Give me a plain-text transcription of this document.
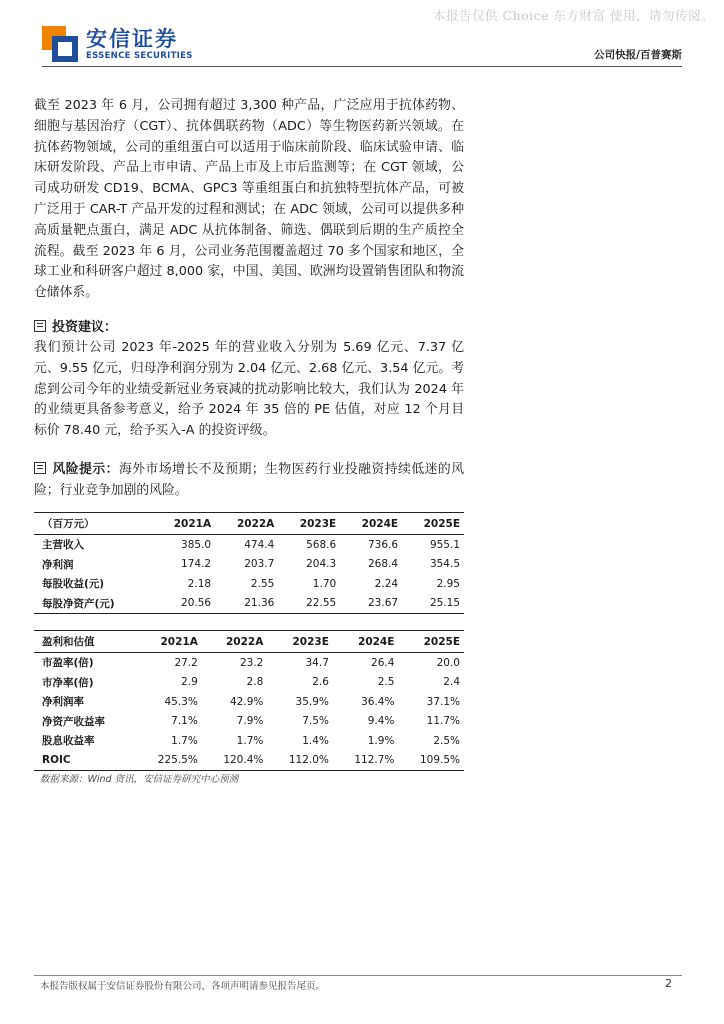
本报告仅供 Choice 东方财富 使用，请勿传阅。
安信证券
ESSENCE SECURITIES	公司快报/百普赛斯
截至 2023 年 6 月，公司拥有超过 3,300 种产品，广泛应用于抗体药物、细胞与基因治疗（CGT）、抗体偶联药物（ADC）等生物医药新兴领域。在抗体药物领域，公司的重组蛋白可以适用于临床前阶段、临床试验申请、临床研发阶段、产品上市申请、产品上市及上市后监测等；在 CGT 领域，公司成功研发 CD19、BCMA、GPC3 等重组蛋白和抗独特型抗体产品，可被广泛用于 CAR-T 产品开发的过程和测试；在 ADC 领域，公司可以提供多种高质量靶点蛋白，满足 ADC 从抗体制备、筛选、偶联到后期的生产质控全流程。截至 2023 年 6 月，公司业务范围覆盖超过 70 多个国家和地区，全球工业和科研客户超过 8,000 家，中国、美国、欧洲均设置销售团队和物流仓储体系。
投资建议：
我们预计公司 2023 年-2025 年的营业收入分别为 5.69 亿元、7.37 亿元、9.55 亿元，归母净利润分别为 2.04 亿元、2.68 亿元、3.54 亿元。考虑到公司今年的业绩受新冠业务衰减的扰动影响比较大，我们认为 2024 年的业绩更具备参考意义，给予 2024 年 35 倍的 PE 估值，对应 12 个月目标价 78.40 元，给予买入-A 的投资评级。
风险提示：海外市场增长不及预期；生物医药行业投融资持续低迷的风险；行业竞争加剧的风险。
（百万元）	2021A	2022A	2023E	2024E	2025E
主营收入	385.0	474.4	568.6	736.6	955.1
净利润	174.2	203.7	204.3	268.4	354.5
每股收益(元)	2.18	2.55	1.70	2.24	2.95
每股净资产(元)	20.56	21.36	22.55	23.67	25.15
盈利和估值	2021A	2022A	2023E	2024E	2025E
市盈率(倍)	27.2	23.2	34.7	26.4	20.0
市净率(倍)	2.9	2.8	2.6	2.5	2.4
净利润率	45.3%	42.9%	35.9%	36.4%	37.1%
净资产收益率	7.1%	7.9%	7.5%	9.4%	11.7%
股息收益率	1.7%	1.7%	1.4%	1.9%	2.5%
ROIC	225.5%	120.4%	112.0%	112.7%	109.5%
数据来源：Wind 资讯，安信证券研究中心预测
本报告版权属于安信证券股份有限公司，各项声明请参见报告尾页。	2
